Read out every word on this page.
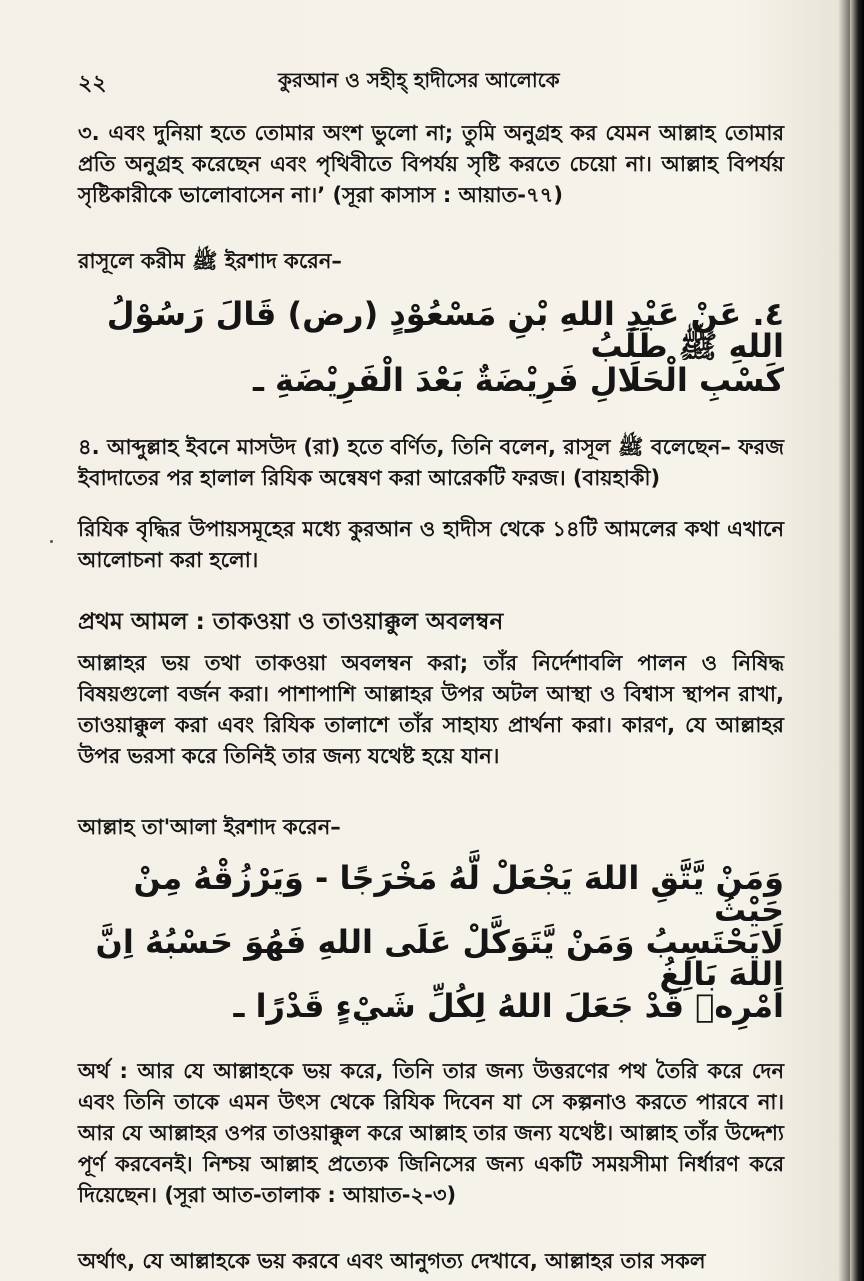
২২	কুরআন ও সহীহ্ হাদীসের আলোকে

৩. এবং দুনিয়া হতে তোমার অংশ ভুলো না; তুমি অনুগ্রহ কর যেমন আল্লাহ তোমার প্রতি অনুগ্রহ করেছেন এবং পৃথিবীতে বিপর্যয় সৃষ্টি করতে চেয়ো না। আল্লাহ বিপর্যয় সৃষ্টিকারীকে ভালোবাসেন না।’ (সূরা কাসাস : আয়াত-৭৭)

রাসূলে করীম ﷺ ইরশাদ করেন–

٤. عَنْ عَبْدِ اللهِ بْنِ مَسْعُوْدٍ (رض) قَالَ رَسُوْلُ اللهِ ﷺ طَلَبُ
كَسْبِ الْحَلَالِ فَرِيْضَةٌ بَعْدَ الْفَرِيْضَةِ ـ

৪. আব্দুল্লাহ ইবনে মাসউদ (রা) হতে বর্ণিত, তিনি বলেন, রাসূল ﷺ বলেছেন– ফরজ ইবাদাতের পর হালাল রিযিক অন্বেষণ করা আরেকটি ফরজ। (বায়হাকী)

রিযিক বৃদ্ধির উপায়সমূহের মধ্যে কুরআন ও হাদীস থেকে ১৪টি আমলের কথা এখানে আলোচনা করা হলো।

প্রথম আমল : তাকওয়া ও তাওয়াক্কুল অবলম্বন

আল্লাহর ভয় তথা তাকওয়া অবলম্বন করা; তাঁর নির্দেশাবলি পালন ও নিষিদ্ধ বিষয়গুলো বর্জন করা। পাশাপাশি আল্লাহর উপর অটল আস্থা ও বিশ্বাস স্থাপন রাখা, তাওয়াক্কুল করা এবং রিযিক তালাশে তাঁর সাহায্য প্রার্থনা করা। কারণ, যে আল্লাহর উপর ভরসা করে তিনিই তার জন্য যথেষ্ট হয়ে যান।

আল্লাহ তা'আলা ইরশাদ করেন–

وَمَنْ يَّتَّقِ اللهَ يَجْعَلْ لَّهُ مَخْرَجًا - وَيَرْزُقْهُ مِنْ حَيْثُ
لَايَحْتَسِبُ وَمَنْ يَّتَوَكَّلْ عَلَى اللهِ فَهُوَ حَسْبُهُ اِنَّ اللهَ بَالِغُ
اَمْرِهٖ قَدْ جَعَلَ اللهُ لِكُلِّ شَيْءٍ قَدْرًا ـ

অর্থ : আর যে আল্লাহকে ভয় করে, তিনি তার জন্য উত্তরণের পথ তৈরি করে দেন এবং তিনি তাকে এমন উৎস থেকে রিযিক দিবেন যা সে কল্পনাও করতে পারবে না। আর যে আল্লাহর ওপর তাওয়াক্কুল করে আল্লাহ তার জন্য যথেষ্ট। আল্লাহ তাঁর উদ্দেশ্য পূর্ণ করবেনই। নিশ্চয় আল্লাহ প্রত্যেক জিনিসের জন্য একটি সময়সীমা নির্ধারণ করে দিয়েছেন। (সূরা আত-তালাক : আয়াত-২-৩)

অর্থাৎ, যে আল্লাহকে ভয় করবে এবং আনুগত্য দেখাবে, আল্লাহর তার সকল
